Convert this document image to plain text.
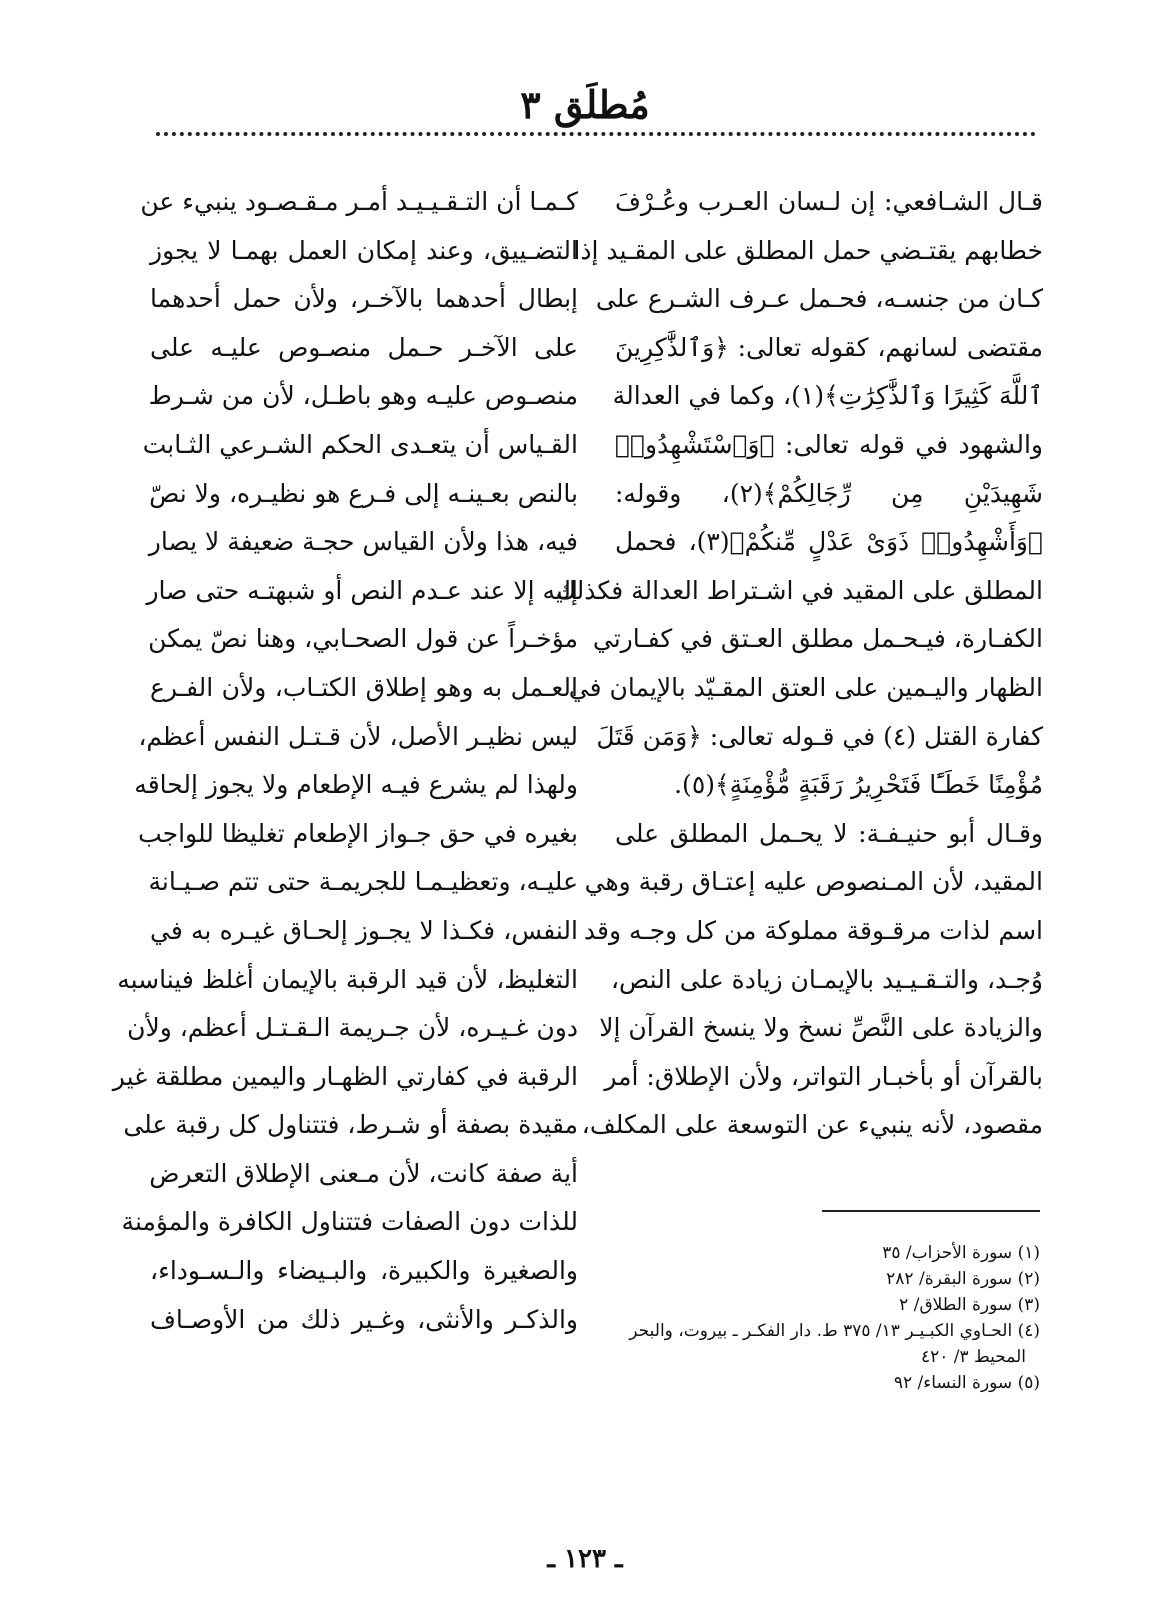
مُطلَق ٣
قـال الشـافعي: إن لـسان العـرب وعُـرْفَ
خطابهم يقتـضي حمل المطلق على المقـيد إذا
كـان من جنسـه، فحـمل عـرف الشـرع على
مقتضى لسانهم، كقوله تعالى: ﴿وَٱلذَّٰكِرِينَ
ٱللَّهَ كَثِيرًا وَٱلذَّٰكِرَٰتِ﴾(١)، وكما في العدالة
والشهود في قوله تعالى: ﴿وَٱسْتَشْهِدُوا۟
شَهِيدَيْنِ مِن رِّجَالِكُمْ﴾(٢)، وقوله:
﴿وَأَشْهِدُوا۟ ذَوَىْ عَدْلٍ مِّنكُمْ﴾(٣)، فحمل
المطلق على المقيد في اشـتراط العدالة فكذلك
الكفـارة، فيـحـمل مطلق العـتق في كفـارتي
الظهار واليـمين على العتق المقـيّد بالإيمان في
كفارة القتل (٤) في قـوله تعالى: ﴿وَمَن قَتَلَ
مُؤْمِنًا خَطَـًٔا فَتَحْرِيرُ رَقَبَةٍ مُّؤْمِنَةٍ﴾(٥).
وقـال أبو حنيـفـة: لا يحـمل المطلق على
المقيد، لأن المـنصوص عليه إعتـاق رقبة وهي
اسم لذات مرقـوقة مملوكة من كل وجـه وقد
وُجـد، والتـقـيـيد بالإيمـان زيادة على النص،
والزيادة على النَّصِّ نسخ ولا ينسخ القرآن إلا
بالقرآن أو بأخبـار التواتر، ولأن الإطلاق: أمر
مقصود، لأنه ينبيء عن التوسعة على المكلف،
كـمـا أن التـقـيـيـد أمـر مـقـصـود ينبيء عن
التضـييق، وعند إمكان العمل بهمـا لا يجوز
إبطال أحدهما بالآخـر، ولأن حمل أحدهما
على الآخـر حـمل منصـوص عليـه على
منصـوص عليـه وهو باطـل، لأن من شـرط
القـياس أن يتعـدى الحكم الشـرعي الثـابت
بالنص بعـينـه إلى فـرع هو نظيـره، ولا نصّ
فيه، هذا ولأن القياس حجـة ضعيفة لا يصار
إليه إلا عند عـدم النص أو شبهتـه حتى صار
مؤخـراً عن قول الصحـابي، وهنا نصّ يمكن
العـمل به وهو إطلاق الكتـاب، ولأن الفـرع
ليس نظيـر الأصل، لأن قـتـل النفس أعظم،
ولهذا لم يشرع فيـه الإطعام ولا يجوز إلحاقه
بغيره في حق جـواز الإطعام تغليظا للواجب
عليـه، وتعظيـمـا للجريمـة حتى تتم صـيـانة
النفس، فكـذا لا يجـوز إلحـاق غيـره به في
التغليظ، لأن قيد الرقبة بالإيمان أغلظ فيناسبه
دون غـيـره، لأن جـريمة الـقـتـل أعظم، ولأن
الرقبة في كفارتي الظهـار واليمين مطلقة غير
مقيدة بصفة أو شـرط، فتتناول كل رقبة على
أية صفة كانت، لأن مـعنى الإطلاق التعرض
للذات دون الصفات فتتناول الكافرة والمؤمنة
والصغيرة والكبيرة، والبـيضاء والـسـوداء،
والذكـر والأنثى، وغـير ذلك من الأوصـاف
(١) سورة الأحزاب/ ٣٥
(٢) سورة البقرة/ ٢٨٢
(٣) سورة الطلاق/ ٢
(٤) الحـاوي الكبـيـر ١٣/ ٣٧٥ ط. دار الفكـر ـ بيروت، والبحر
المحيط ٣/ ٤٢٠
(٥) سورة النساء/ ٩٢
ـ ١٢٣ ـ
